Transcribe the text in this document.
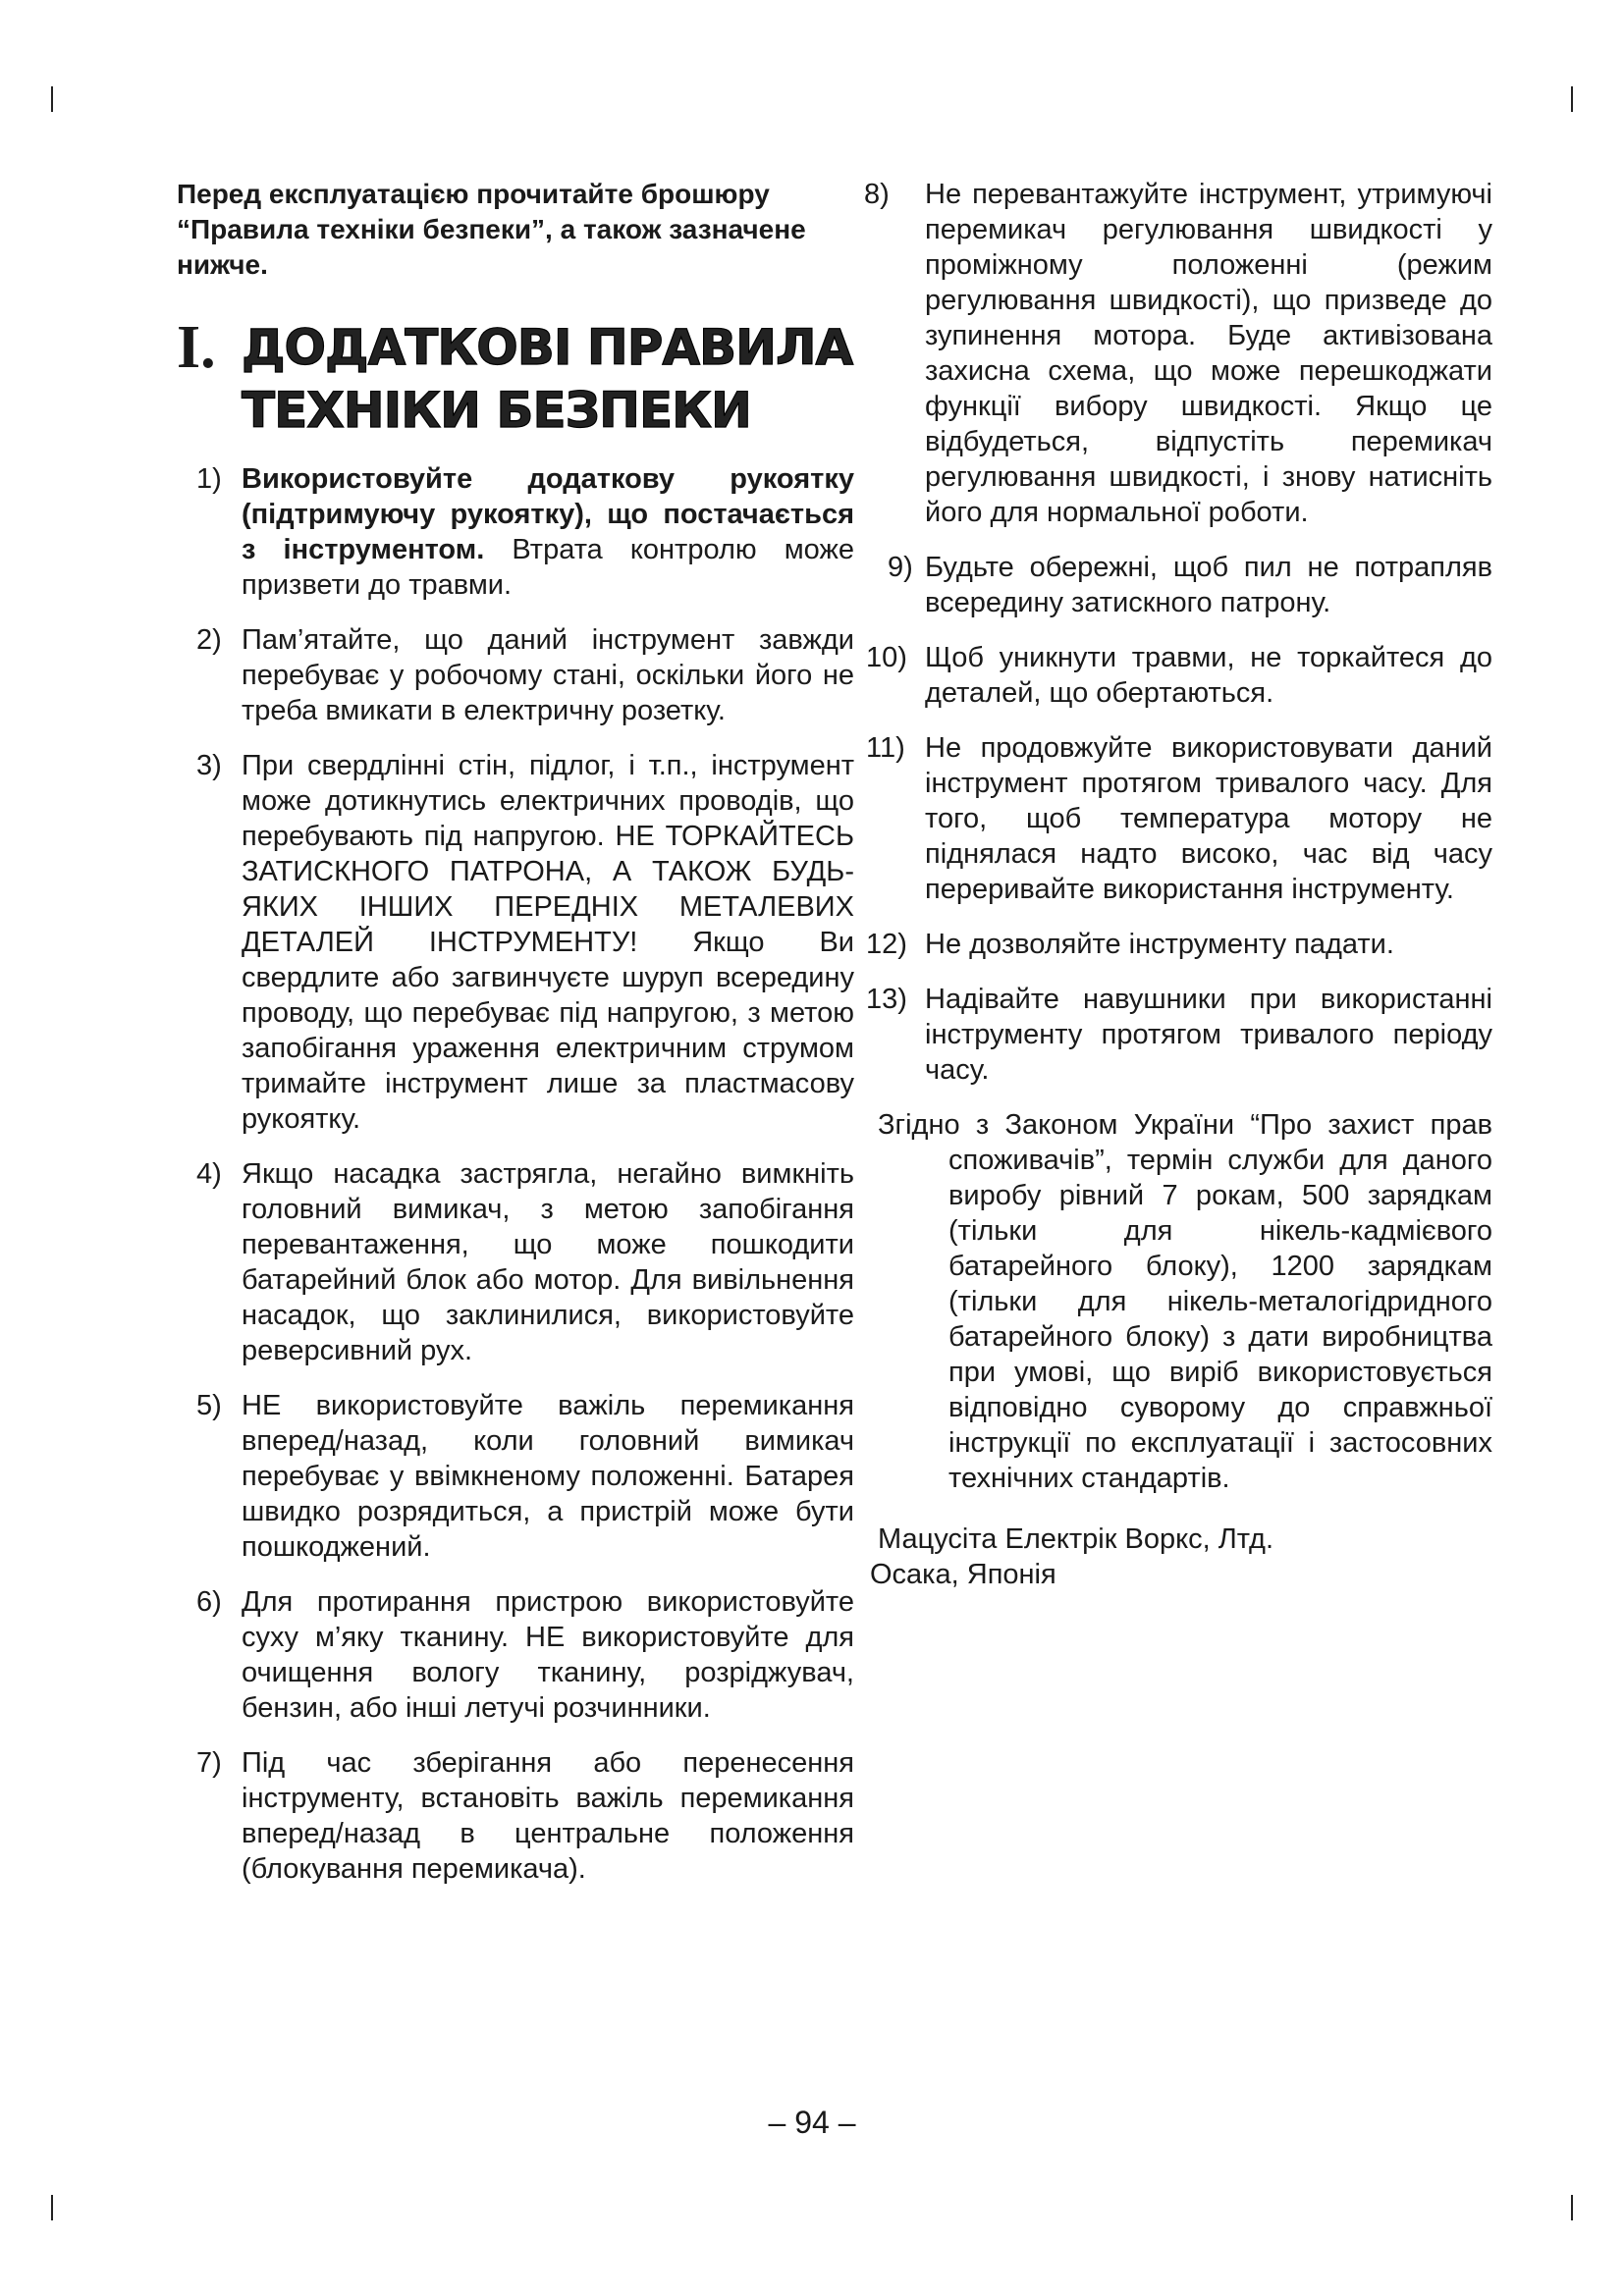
Перед експлуатацією прочитайте брошюру “Правила техніки безпеки”, а також зазначене нижче.

I. ДОДАТКОВІ ПРАВИЛА
ТЕХНІКИ БЕЗПЕКИ
1) Використовуйте додаткову рукоятку (підтримуючу рукоятку), що постачається з інструментом. Втрата контролю може призвети до травми.
2) Пам’ятайте, що даний інструмент завжди перебуває у робочому стані, оскільки його не треба вмикати в електричну розетку.
3) При свердлінні стін, підлог, і т.п., інструмент може дотикнутись електричних проводів, що перебувають під напругою. НЕ ТОРКАЙТЕСЬ ЗАТИСКНОГО ПАТРОНА, А ТАКОЖ БУДЬ-ЯКИХ ІНШИХ ПЕРЕДНІХ МЕТАЛЕВИХ ДЕТАЛЕЙ ІНСТРУМЕНТУ! Якщо Ви свердлите або загвинчуєте шуруп всередину проводу, що перебуває під напругою, з метою запобігання ураження електричним струмом тримайте інструмент лише за пластмасову рукоятку.
4) Якщо насадка застрягла, негайно вимкніть головний вимикач, з метою запобігання перевантаження, що може пошкодити батарейний блок або мотор. Для вивільнення насадок, що заклинилися, використовуйте реверсивний рух.
5) НЕ використовуйте важіль перемикання вперед/назад, коли головний вимикач перебуває у ввімкненому положенні. Батарея швидко розрядиться, а пристрій може бути пошкоджений.
6) Для протирання пристрою використовуйте суху м’яку тканину. НЕ використовуйте для очищення вологу тканину, розріджувач, бензин, або інші летучі розчинники.
7) Під час зберігання або перенесення інструменту, встановіть важіль перемикання вперед/назад в центральне положення (блокування перемикача).
8) Не перевантажуйте інструмент, утримуючі перемикач регулювання швидкості у проміжному положенні (режим регулювання швидкості), що призведе до зупинення мотора. Буде активізована захисна схема, що може перешкоджати функції вибору швидкості. Якщо це відбудеться, відпустіть перемикач регулювання швидкості, і знову натисніть його для нормальної роботи.
9) Будьте обережні, щоб пил не потрапляв всередину затискного патрону.
10) Щоб уникнути травми, не торкайтеся до деталей, що обертаються.
11) Не продовжуйте використовувати даний інструмент протягом тривалого часу. Для того, щоб температура мотору не піднялася надто високо, час від часу переривайте використання інструменту.
12) Не дозволяйте інструменту падати.
13) Надівайте навушники при використанні інструменту протягом тривалого періоду часу.

Згідно з Законом України “Про захист прав споживачів”, термін служби для даного виробу рівний 7 рокам, 500 зарядкам (тільки для нікель-кадмієвого батарейного блоку), 1200 зарядкам (тільки для нікель-металогідридного батарейного блоку) з дати виробництва при умові, що виріб використовується відповідно суворому до справжньої інструкції по експлуатації і застосовних технічних стандартів.

Мацусіта Електрік Воркс, Лтд.
Осака, Японія
– 94 –
